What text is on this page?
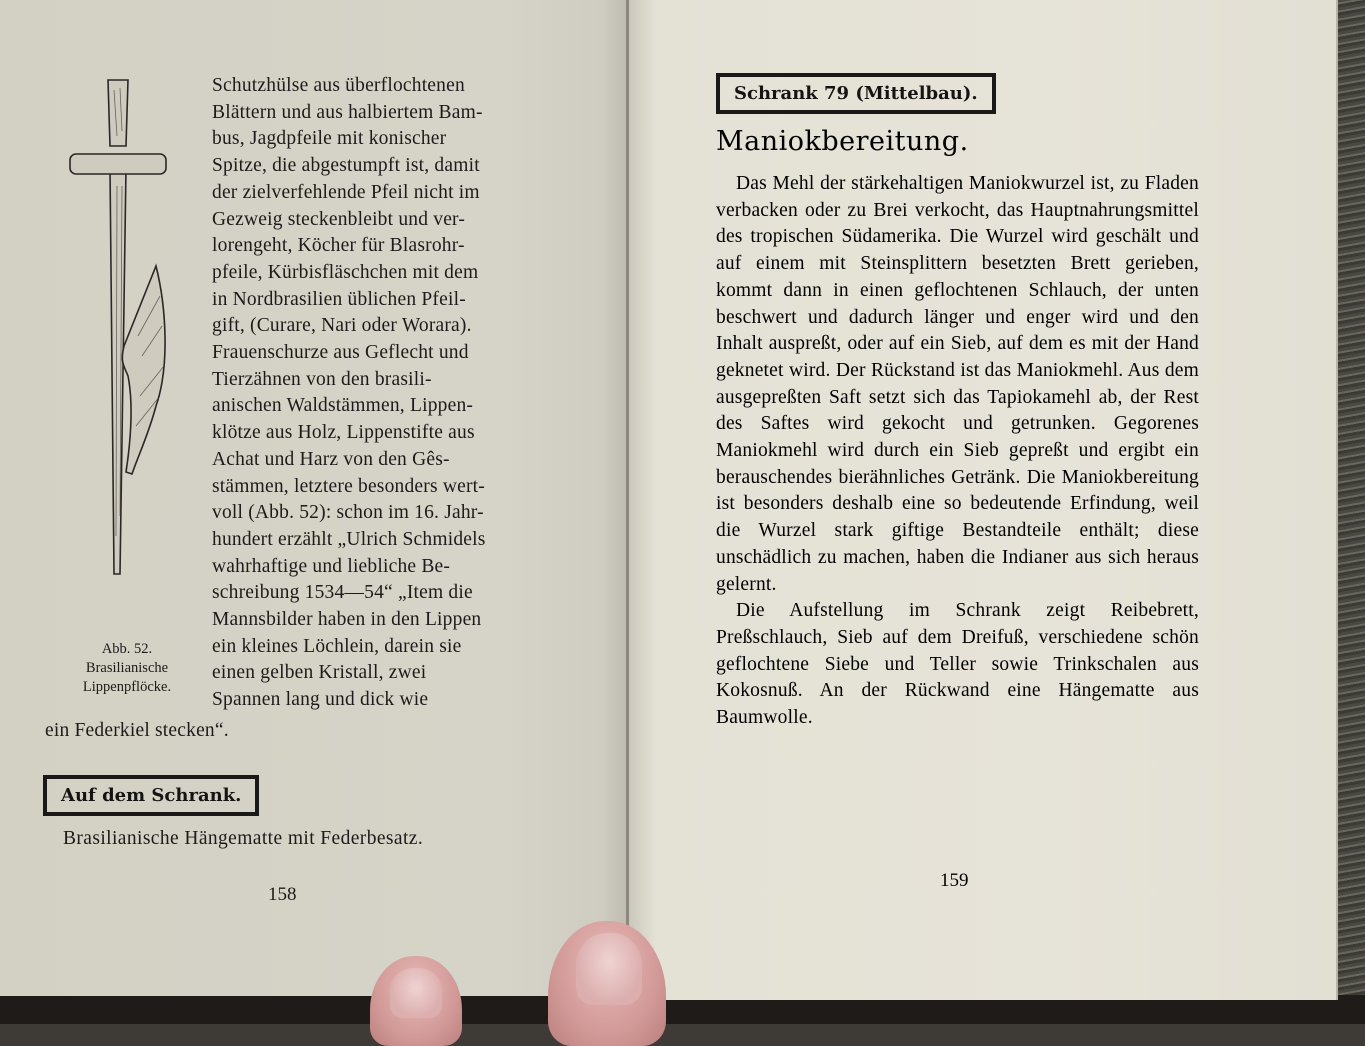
Schutzhülse aus überflochtenen

Blättern und aus halbiertem Bam-

bus, Jagdpfeile mit konischer

Spitze, die abgestumpft ist, damit

der zielverfehlende Pfeil nicht im

Gezweig steckenbleibt und ver-

lorengeht, Köcher für Blasrohr-

pfeile, Kürbisfläschchen mit dem

in Nordbrasilien üblichen Pfeil-

gift, (Curare, Nari oder Worara).

Frauenschurze aus Geflecht und

Tierzähnen von den brasili-

anischen Waldstämmen, Lippen-

klötze aus Holz, Lippenstifte aus

Achat und Harz von den Gês-

stämmen, letztere besonders wert-

voll (Abb. 52): schon im 16. Jahr-

hundert erzählt „Ulrich Schmidels

wahrhaftige und liebliche Be-

schreibung 1534—54“ „Item die

Mannsbilder haben in den Lippen

ein kleines Löchlein, darein sie

einen gelben Kristall, zwei

Spannen lang und dick wie

ein Federkiel stecken“.

Abb. 52.
Brasilianische
Lippenpflöcke.
Auf dem Schrank.
Brasilianische Hängematte mit Federbesatz.
158
Schrank 79 (Mittelbau).
Maniokbereitung.

Das Mehl der stärkehaltigen Maniokwurzel ist, zu Fladen verbacken oder zu Brei verkocht, das Hauptnahrungsmittel des tropischen Südamerika. Die Wurzel wird geschält und auf einem mit Steinsplittern besetzten Brett gerieben, kommt dann in einen geflochtenen Schlauch, der unten beschwert und dadurch länger und enger wird und den Inhalt auspreßt, oder auf ein Sieb, auf dem es mit der Hand geknetet wird. Der Rückstand ist das Maniokmehl. Aus dem ausgepreßten Saft setzt sich das Tapiokamehl ab, der Rest des Saftes wird gekocht und getrunken. Gegorenes Maniokmehl wird durch ein Sieb gepreßt und ergibt ein berauschendes bierähnliches Getränk. Die Maniokbereitung ist besonders deshalb eine so bedeutende Erfindung, weil die Wurzel stark giftige Bestandteile enthält; diese unschädlich zu machen, haben die Indianer aus sich heraus gelernt.

Die Aufstellung im Schrank zeigt Reibebrett, Preßschlauch, Sieb auf dem Dreifuß, verschiedene schön geflochtene Siebe und Teller sowie Trinkschalen aus Kokosnuß. An der Rückwand eine Hängematte aus Baumwolle.

159
